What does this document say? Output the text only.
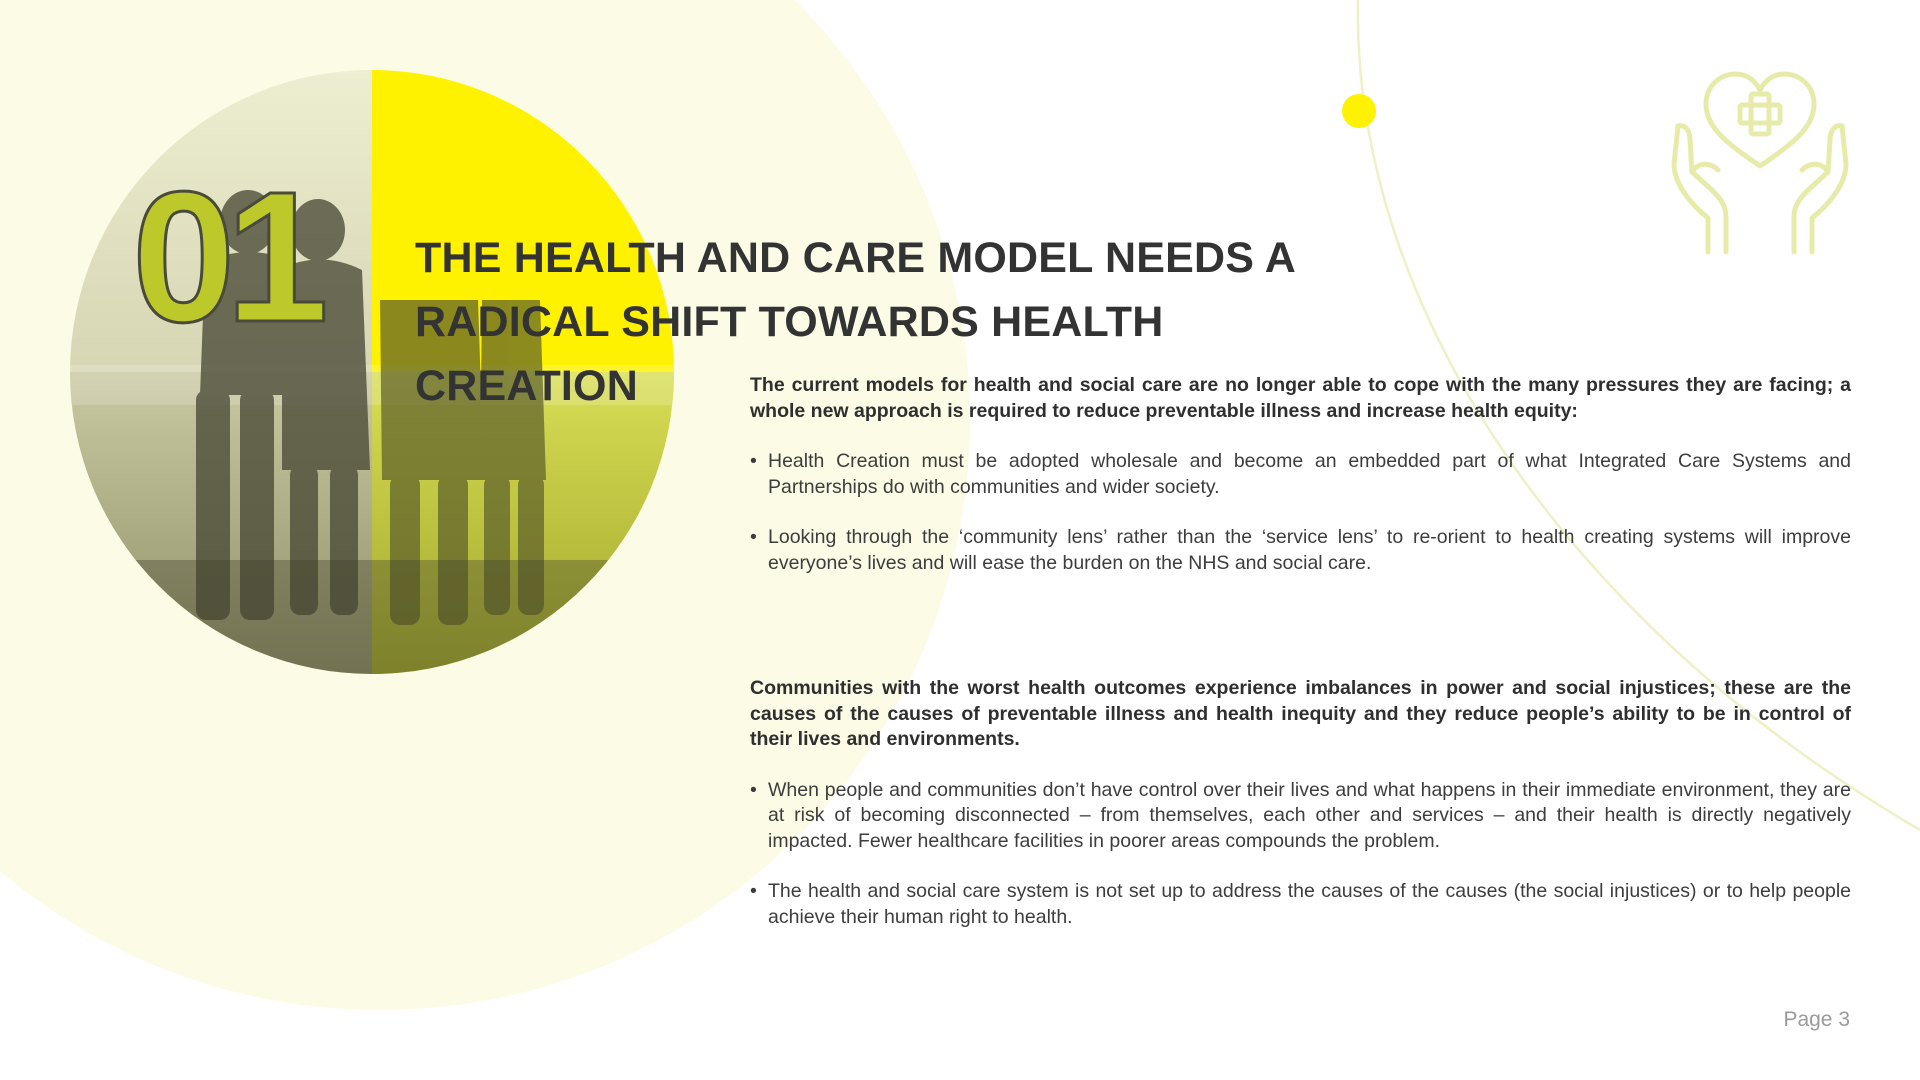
01 THE HEALTH AND CARE MODEL NEEDS A
RADICAL SHIFT TOWARDS HEALTH CREATION	The current models for health and social care are no longer able to cope with the many pressures they are facing; a whole new approach is required to reduce preventable illness and increase health equity:

• Health Creation must be adopted wholesale and become an embedded part of what Integrated Care Systems and Partnerships do with communities and wider society.

• Looking through the ‘community lens’ rather than the ‘service lens’ to re-orient to health creating systems will improve everyone’s lives and will ease the burden on the NHS and social care.

Communities with the worst health outcomes experience imbalances in power and social injustices; these are the causes of the causes of preventable illness and health inequity and they reduce people’s ability to be in control of their lives and environments.

• When people and communities don’t have control over their lives and what happens in their immediate environment, they are at risk of becoming disconnected – from themselves, each other and services – and their health is directly negatively impacted. Fewer healthcare facilities in poorer areas compounds the problem.

• The health and social care system is not set up to address the causes of the causes (the social injustices) or to help people achieve their human right to health.

Page 3
